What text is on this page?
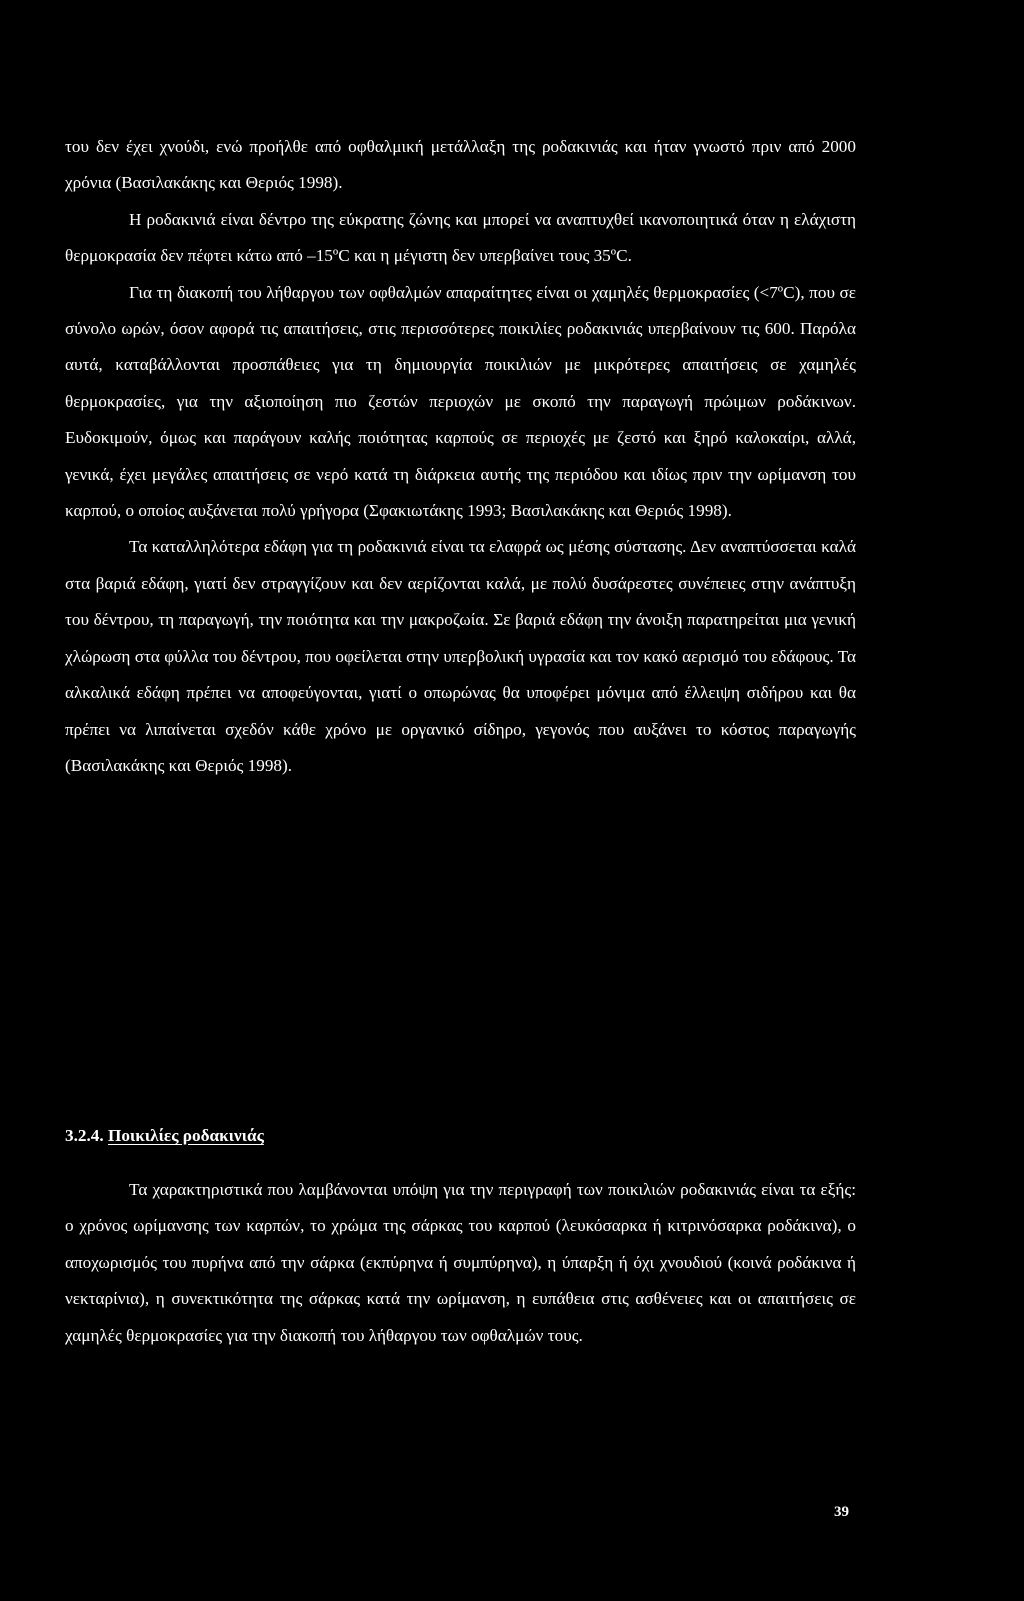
του δεν έχει χνούδι, ενώ προήλθε από οφθαλμική μετάλλαξη της ροδακινιάς και ήταν γνωστό πριν από 2000 χρόνια (Βασιλακάκης και Θεριός 1998).

Η ροδακινιά είναι δέντρο της εύκρατης ζώνης και μπορεί να αναπτυχθεί ικανοποιητικά όταν η ελάχιστη θερμοκρασία δεν πέφτει κάτω από –15ºC και η μέγιστη δεν υπερβαίνει τους 35ºC.

Για τη διακοπή του λήθαργου των οφθαλμών απαραίτητες είναι οι χαμηλές θερμοκρασίες (<7ºC), που σε σύνολο ωρών, όσον αφορά τις απαιτήσεις, στις περισσότερες ποικιλίες ροδακινιάς υπερβαίνουν τις 600. Παρόλα αυτά, καταβάλλονται προσπάθειες για τη δημιουργία ποικιλιών με μικρότερες απαιτήσεις σε χαμηλές θερμοκρασίες, για την αξιοποίηση πιο ζεστών περιοχών με σκοπό την παραγωγή πρώιμων ροδάκινων. Ευδοκιμούν, όμως και παράγουν καλής ποιότητας καρπούς σε περιοχές με ζεστό και ξηρό καλοκαίρι, αλλά, γενικά, έχει μεγάλες απαιτήσεις σε νερό κατά τη διάρκεια αυτής της περιόδου και ιδίως πριν την ωρίμανση του καρπού, ο οποίος αυξάνεται πολύ γρήγορα (Σφακιωτάκης 1993; Βασιλακάκης και Θεριός 1998).

Τα καταλληλότερα εδάφη για τη ροδακινιά είναι τα ελαφρά ως μέσης σύστασης. Δεν αναπτύσσεται καλά στα βαριά εδάφη, γιατί δεν στραγγίζουν και δεν αερίζονται καλά, με πολύ δυσάρεστες συνέπειες στην ανάπτυξη του δέντρου, τη παραγωγή, την ποιότητα και την μακροζωία. Σε βαριά εδάφη την άνοιξη παρατηρείται μια γενική χλώρωση στα φύλλα του δέντρου, που οφείλεται στην υπερβολική υγρασία και τον κακό αερισμό του εδάφους. Τα αλκαλικά εδάφη πρέπει να αποφεύγονται, γιατί ο οπωρώνας θα υποφέρει μόνιμα από έλλειψη σιδήρου και θα πρέπει να λιπαίνεται σχεδόν κάθε χρόνο με οργανικό σίδηρο, γεγονός που αυξάνει το κόστος παραγωγής (Βασιλακάκης και Θεριός 1998).

3.2.4. Ποικιλίες ροδακινιάς

Τα χαρακτηριστικά που λαμβάνονται υπόψη για την περιγραφή των ποικιλιών ροδακινιάς είναι τα εξής: ο χρόνος ωρίμανσης των καρπών, το χρώμα της σάρκας του καρπού (λευκόσαρκα ή κιτρινόσαρκα ροδάκινα), ο αποχωρισμός του πυρήνα από την σάρκα (εκπύρηνα ή συμπύρηνα), η ύπαρξη ή όχι χνουδιού (κοινά ροδάκινα ή νεκταρίνια), η συνεκτικότητα της σάρκας κατά την ωρίμανση, η ευπάθεια στις ασθένειες και οι απαιτήσεις σε χαμηλές θερμοκρασίες για την διακοπή του λήθαργου των οφθαλμών τους.

39
